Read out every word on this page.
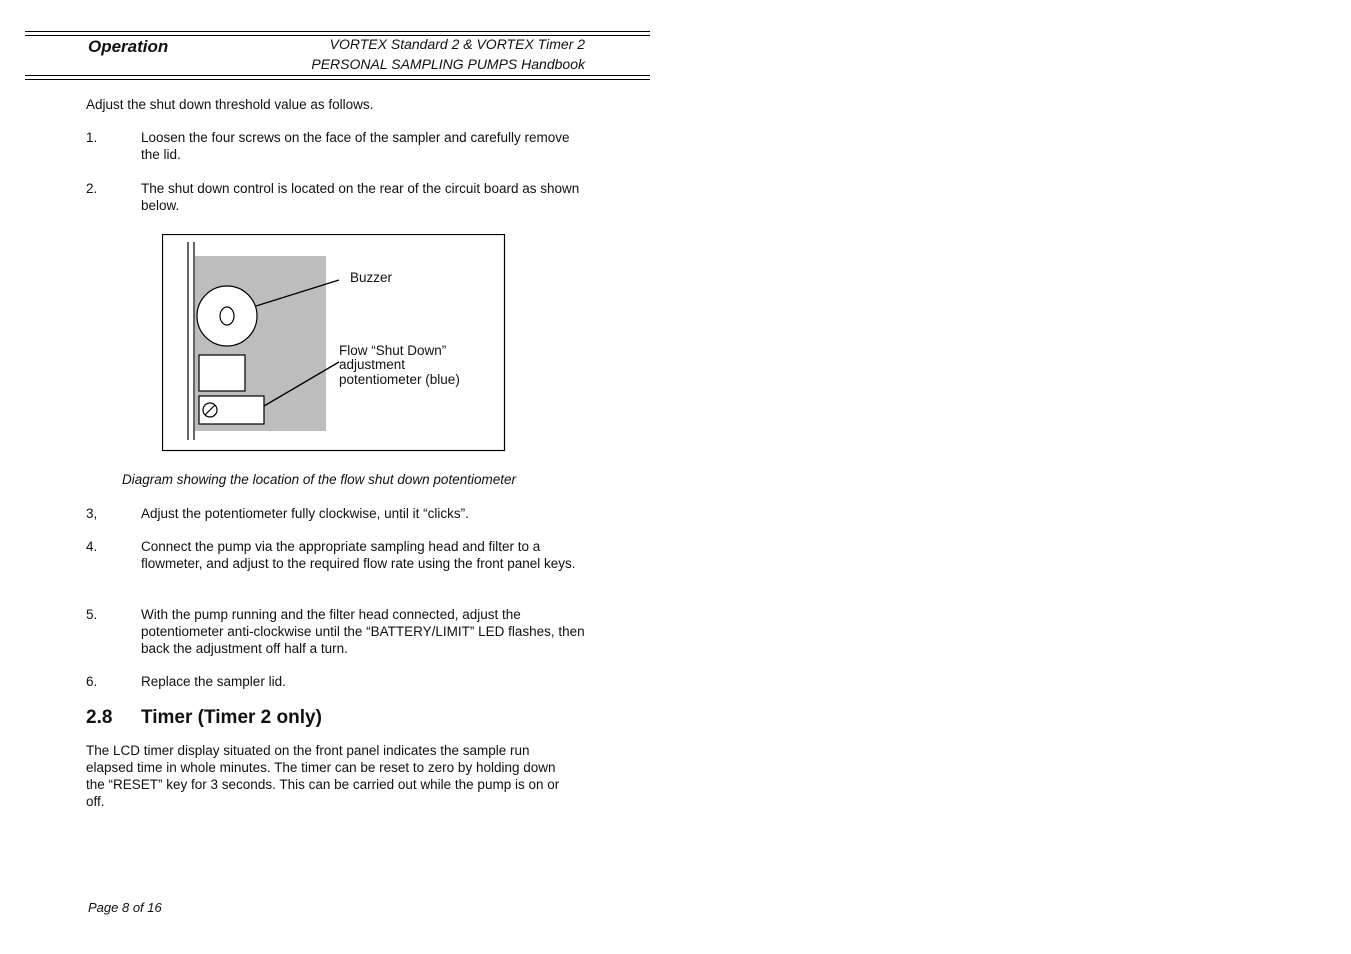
Operation	VORTEX Standard 2 & VORTEX Timer 2
PERSONAL SAMPLING PUMPS Handbook
Adjust the shut down threshold value as follows.
1.	Loosen the four screws on the face of the sampler and carefully remove the lid.
2.	The shut down control is located on the rear of the circuit board as shown below.
Buzzer
Flow “Shut Down”
adjustment
potentiometer (blue)
Diagram showing the location of the flow shut down potentiometer
3,	Adjust the potentiometer fully clockwise, until it “clicks”.
4.	Connect the pump via the appropriate sampling head and filter to a flowmeter, and adjust to the required flow rate using the front panel keys.
5.	With the pump running and the filter head connected, adjust the potentiometer anti-clockwise until the “BATTERY/LIMIT” LED flashes, then back the adjustment off half a turn.
6.	Replace the sampler lid.
2.8 Timer (Timer 2 only)
The LCD timer display situated on the front panel indicates the sample run elapsed time in whole minutes. The timer can be reset to zero by holding down the “RESET” key for 3 seconds. This can be carried out while the pump is on or off.
Page 8 of 16
